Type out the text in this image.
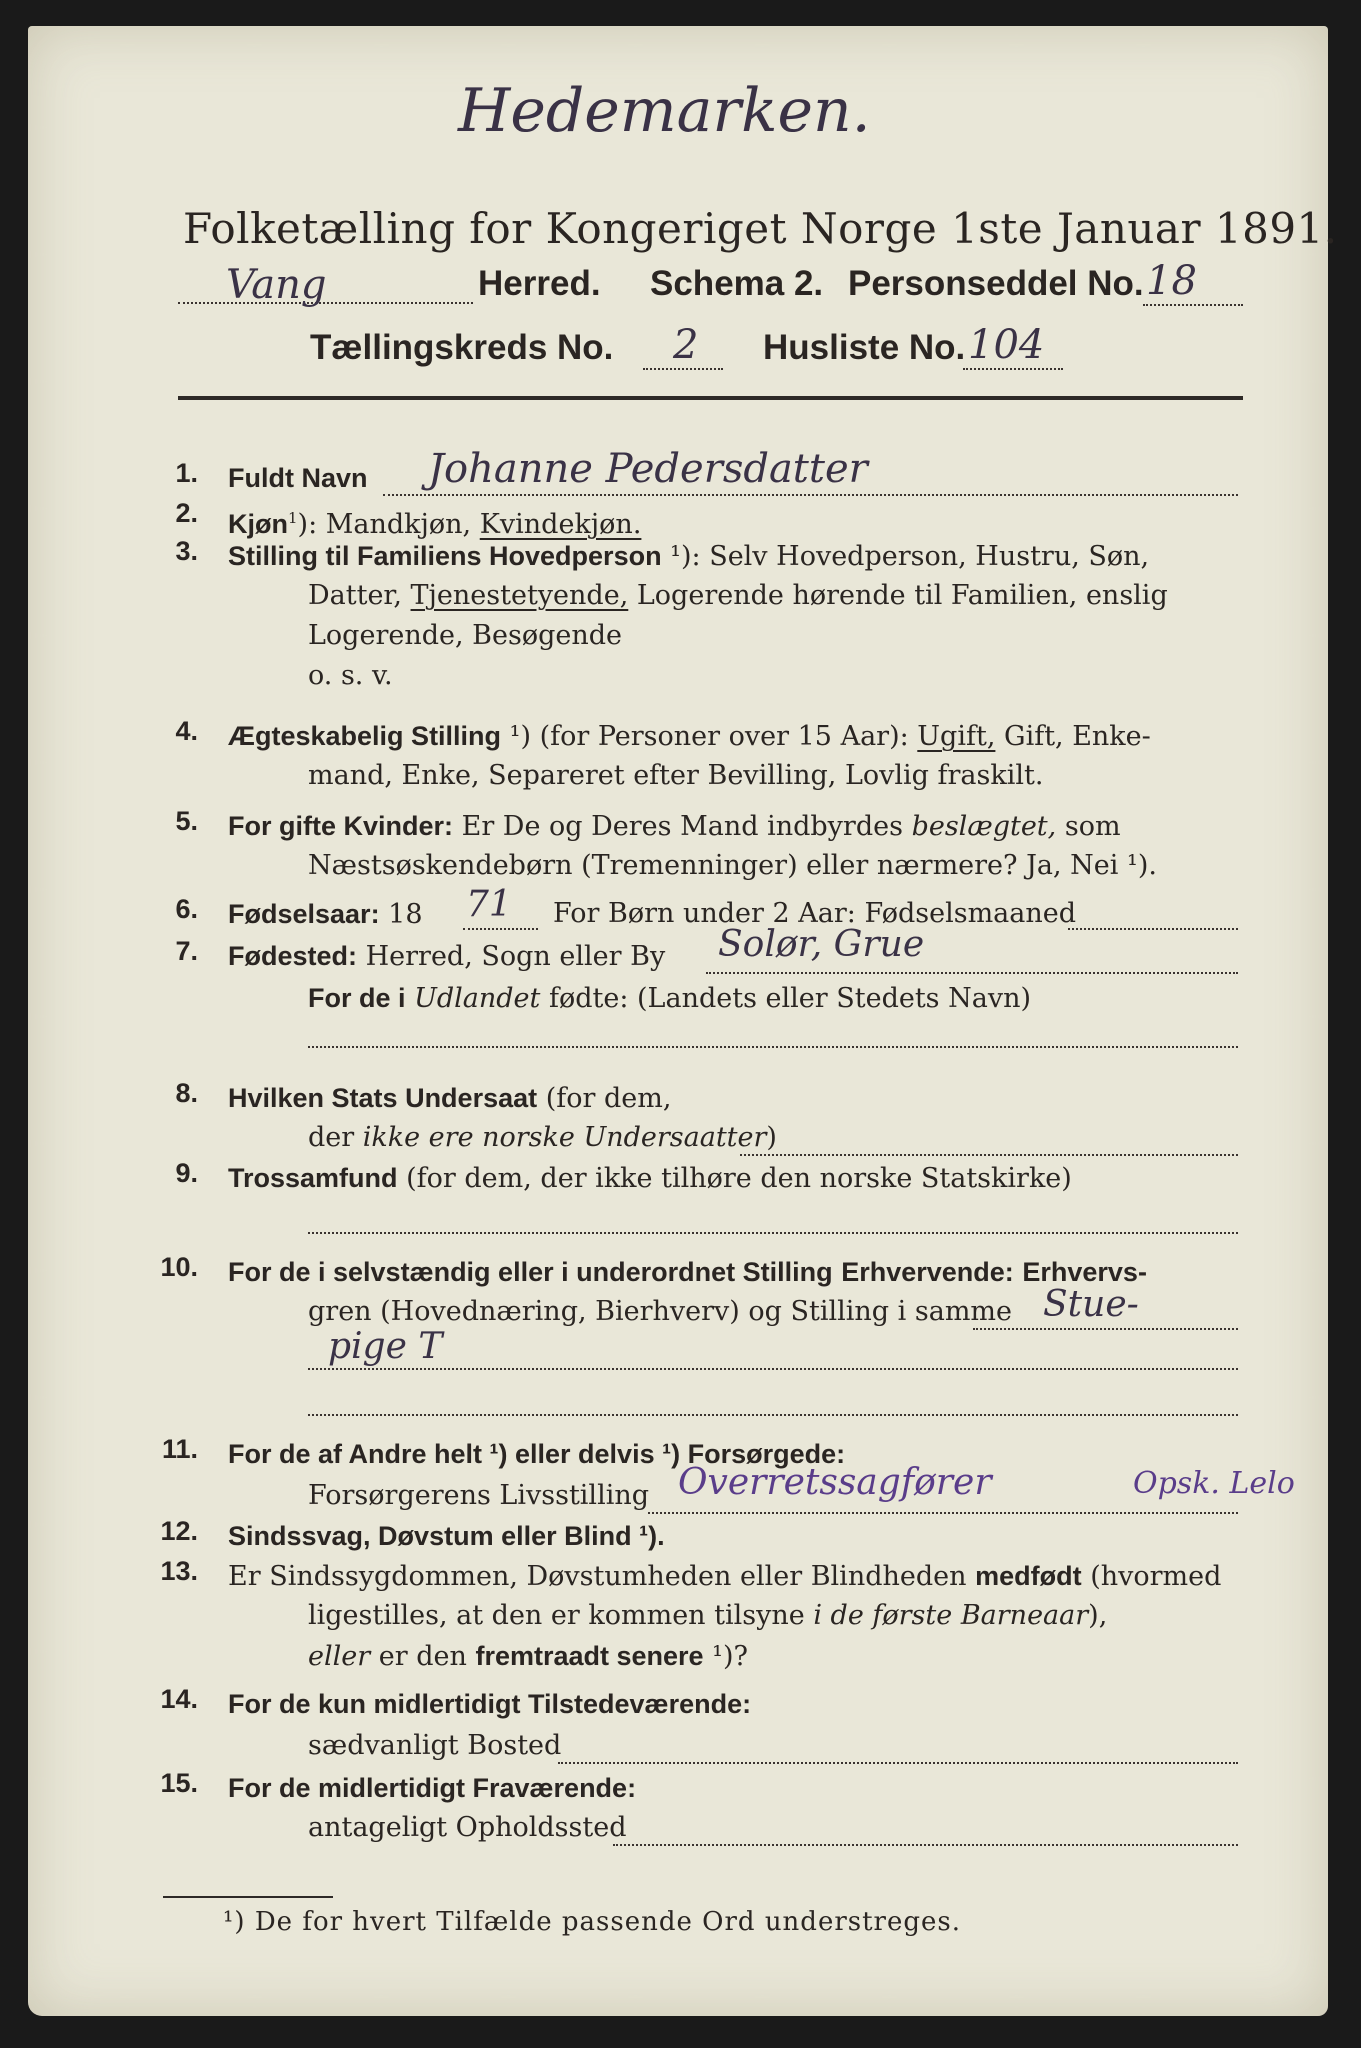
Hedemarken.
Folketælling for Kongeriget Norge 1ste Januar 1891.
Vang	Herred. Schema 2. Personseddel No. 18
Tællingskreds No. 2 Husliste No. 104
1. Fuldt Navn Johanne Pedersdatter
2. Kjøn$^1$): Mandkjøn, Kvindekjøn.
3. Stilling til Familiens Hovedperson ¹): Selv Hovedperson, Hustru, Søn,
Datter, Tjenestetyende, Logerende hørende til Familien, enslig
Logerende, Besøgende
o. s. v.
4. Ægteskabelig Stilling ¹) (for Personer over 15 Aar): Ugift, Gift, Enke-
mand, Enke, Separeret efter Bevilling, Lovlig fraskilt.
5. For gifte Kvinder: Er De og Deres Mand indbyrdes beslægtet, som
Næstsøskendebørn (Tremenninger) eller nærmere? Ja, Nei ¹).
6. Fødselsaar: 18 71 For Børn under 2 Aar: Fødselsmaaned
7. Fødested: Herred, Sogn eller By Solør, Grue
For de i Udlandet fødte: (Landets eller Stedets Navn)
8. Hvilken Stats Undersaat (for dem,
der ikke ere norske Undersaatter)
9. Trossamfund (for dem, der ikke tilhøre den norske Statskirke)
10. For de i selvstændig eller i underordnet Stilling Erhvervende: Erhvervs-
gren (Hovednæring, Bierhverv) og Stilling i samme Stue-
pige T
11. For de af Andre helt ¹) eller delvis ¹) Forsørgede:
Forsørgerens Livsstilling Overretssagfører	Opsk. Lelo
12. Sindssvag, Døvstum eller Blind ¹).
13. Er Sindssygdommen, Døvstumheden eller Blindheden medfødt (hvormed
ligestilles, at den er kommen tilsyne i de første Barneaar),
eller er den fremtraadt senere ¹)?
14. For de kun midlertidigt Tilstedeværende:
sædvanligt Bosted
15. For de midlertidigt Fraværende:
antageligt Opholdssted
¹) De for hvert Tilfælde passende Ord understreges.
